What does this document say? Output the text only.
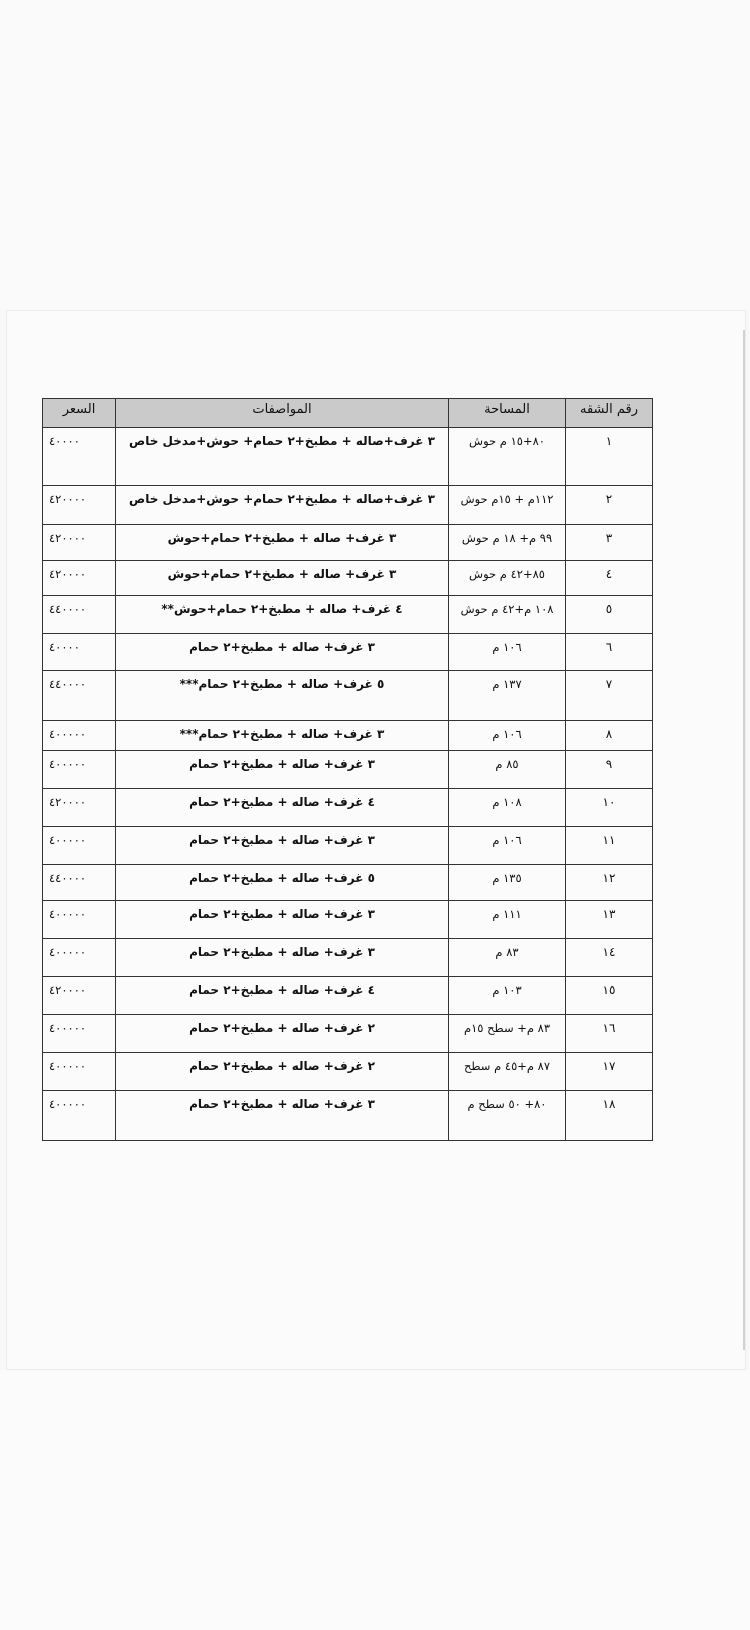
رقم الشقه	المساحة	المواصفات	السعر
١	٨٠+١٥ م حوش	٣ غرف+صاله + مطبخ+٢ حمام+ حوش+مدخل خاص	٤٠٠٠٠
٢	١١٢م + ١٥م حوش	٣ غرف+صاله + مطبخ+٢ حمام+ حوش+مدخل خاص	٤٢٠٠٠٠
٣	٩٩ م+ ١٨ م حوش	٣ غرف+ صاله + مطبخ+٢ حمام+حوش	٤٢٠٠٠٠
٤	٨٥+٤٢ م حوش	٣ غرف+ صاله + مطبخ+٢ حمام+حوش	٤٢٠٠٠٠
٥	١٠٨ م+٤٢ م حوش	٤ غرف+ صاله + مطبخ+٢ حمام+حوش**	٤٤٠٠٠٠
٦	١٠٦ م	٣ غرف+ صاله + مطبخ+٢ حمام	٤٠٠٠٠
٧	١٣٧ م	٥ غرف+ صاله + مطبخ+٢ حمام***	٤٤٠٠٠٠
٨	١٠٦ م	٣ غرف+ صاله + مطبخ+٢ حمام***	٤٠٠٠٠٠
٩	٨٥ م	٣ غرف+ صاله + مطبخ+٢ حمام	٤٠٠٠٠٠
١٠	١٠٨ م	٤ غرف+ صاله + مطبخ+٢ حمام	٤٢٠٠٠٠
١١	١٠٦ م	٣ غرف+ صاله + مطبخ+٢ حمام	٤٠٠٠٠٠
١٢	١٣٥ م	٥ غرف+ صاله + مطبخ+٢ حمام	٤٤٠٠٠٠
١٣	١١١ م	٣ غرف+ صاله + مطبخ+٢ حمام	٤٠٠٠٠٠
١٤	٨٣ م	٣ غرف+ صاله + مطبخ+٢ حمام	٤٠٠٠٠٠
١٥	١٠٣ م	٤ غرف+ صاله + مطبخ+٢ حمام	٤٢٠٠٠٠
١٦	٨٣ م+ سطح ١٥م	٢ غرف+ صاله + مطبخ+٢ حمام	٤٠٠٠٠٠
١٧	٨٧ م+٤٥ م سطح	٢ غرف+ صاله + مطبخ+٢ حمام	٤٠٠٠٠٠
١٨	٨٠+ ٥٠ سطح م	٣ غرف+ صاله + مطبخ+٢ حمام	٤٠٠٠٠٠
